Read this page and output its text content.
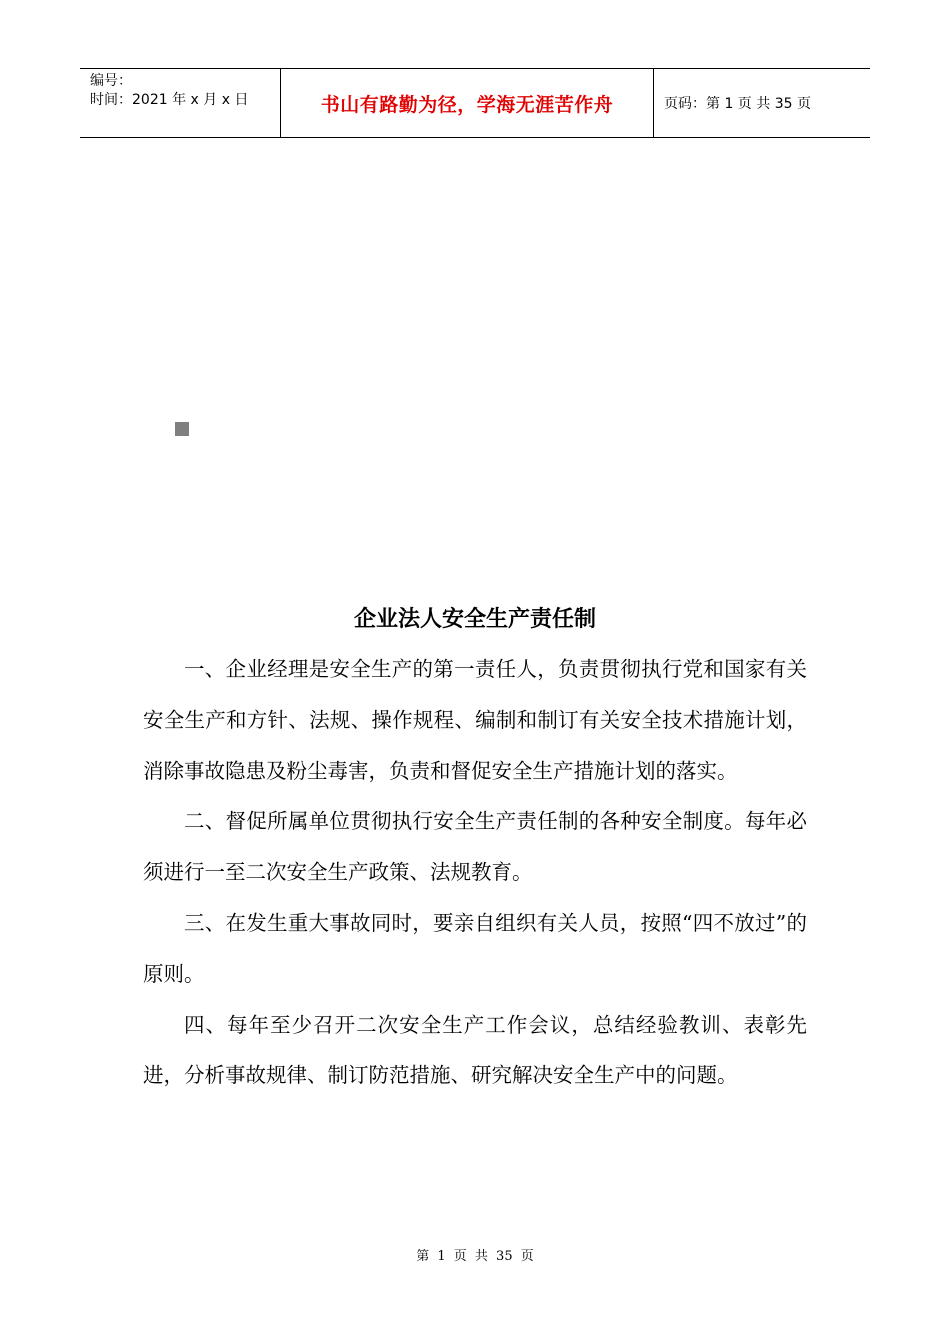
编号：
时间：2021 年 x 月 x 日	书山有路勤为径，学海无涯苦作舟	页码：第 1 页 共 35 页
企业法人安全生产责任制

一、企业经理是安全生产的第一责任人，负责贯彻执行党和国家有关安全生产和方针、法规、操作规程、编制和制订有关安全技术措施计划，消除事故隐患及粉尘毒害，负责和督促安全生产措施计划的落实。

二、督促所属单位贯彻执行安全生产责任制的各种安全制度。每年必须进行一至二次安全生产政策、法规教育。

三、在发生重大事故同时，要亲自组织有关人员，按照“四不放过”的原则。

四、每年至少召开二次安全生产工作会议，总结经验教训、表彰先进，分析事故规律、制订防范措施、研究解决安全生产中的问题。

第 1 页 共 35 页
